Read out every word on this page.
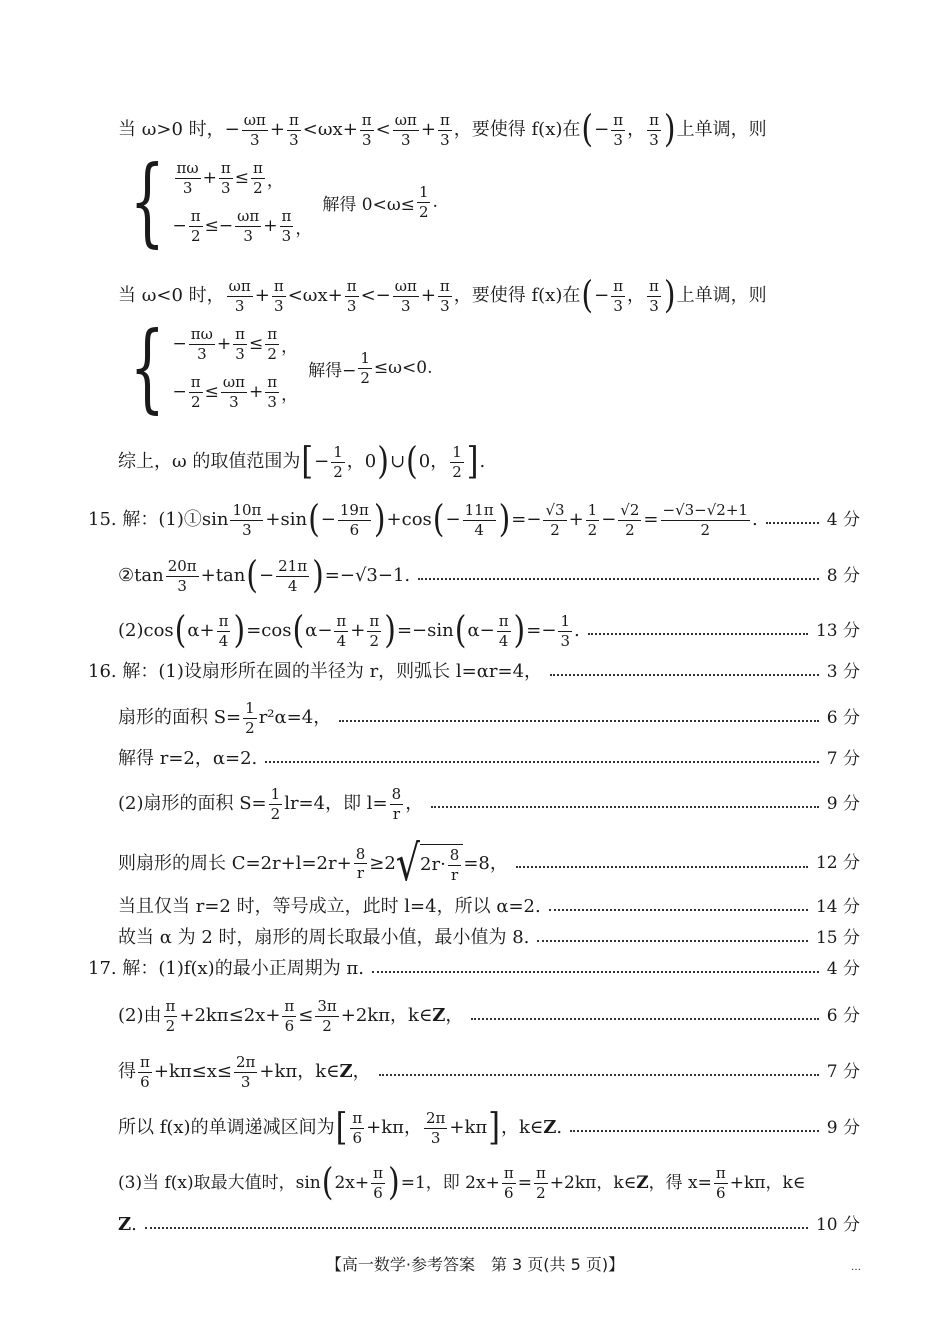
当 ω>0 时，− $\frac{\omega\pi}{3} + \frac{\pi}{3} <\omega x+ \frac{\pi}{3} < \frac{\omega\pi}{3} + \frac{\pi}{3}$ ，要使得 f(x)在 ( − $\frac{\pi}{3}$ ， $\frac{\pi}{3}$ ) 上单调，则
{ $\frac{\pi\omega}{3} + \frac{\pi}{3} \le \frac{\pi}{2}$ ，
− $\frac{\pi}{2} \le- \frac{\omega\pi}{3} + \frac{\pi}{3}$ ，
解得 $0<\omega\le \frac{1}{2}$ .
当 ω<0 时， $\frac{\omega\pi}{3} + \frac{\pi}{3} <\omega x+ \frac{\pi}{3} <- \frac{\omega\pi}{3} + \frac{\pi}{3}$ ，要使得 f(x)在 ( − $\frac{\pi}{3}$ ， $\frac{\pi}{3}$ ) 上单调，则
{ − $\frac{\pi\omega}{3} + \frac{\pi}{3} \le \frac{\pi}{2}$ ，
− $\frac{\pi}{2} \le \frac{\omega\pi}{3} + \frac{\pi}{3}$ ，
解得− $\frac{1}{2} \le\omega<0$.
综上，ω 的取值范围为 [ − $\frac{1}{2}$ ，0 ) ∪ ( 0， $\frac{1}{2}$ ] .
15. 解：(1)①sin $\frac{10\pi}{3} +\sin$ ( − $\frac{19\pi}{6}$ ) +cos ( − $\frac{11\pi}{4}$ ) =− $\frac{√3}{2} + \frac{1}{2} - \frac{√2}{2} = \frac{-√3-√2+1}{2}$ .	4 分
②tan $\frac{20\pi}{3} +\tan$ ( − $\frac{21\pi}{4}$ ) =−√3−1.	8 分
(2)cos ( $\alpha+ \frac{\pi}{4}$ ) =cos ( $\alpha- \frac{\pi}{4} + \frac{\pi}{2}$ ) =−sin ( $\alpha- \frac{\pi}{4}$ ) =− $\frac{1}{3}$ .	13 分
16. 解：(1)设扇形所在圆的半径为 r，则弧长 l=αr=4，	3 分
扇形的面积 $S= \frac{1}{2} r^2\alpha=4$，	6 分
解得 r=2，α=2.	7 分
(2)扇形的面积 $S= \frac{1}{2} lr=4$，即 $l= \frac{8}{r}$ ，	9 分
则扇形的周长 $C=2r+l=2r+ \frac{8}{r} \ge 2$ √ $2r\cdot \frac{8}{r} =8$，	12 分
当且仅当 r=2 时，等号成立，此时 l=4，所以 α=2.	14 分
故当 α 为 2 时，扇形的周长取最小值，最小值为 8.	15 分
17. 解：(1)f(x)的最小正周期为 π.	4 分
(2)由 $\frac{\pi}{2} +2k\pi\le 2x+ \frac{\pi}{6} \le \frac{3\pi}{2} +2k\pi$，k∈ Z ，	6 分
得 $\frac{\pi}{6} +k\pi\le x\le \frac{2\pi}{3} +k\pi$，k∈ Z ，	7 分
所以 f(x)的单调递减区间为 [ $\frac{\pi}{6} +k\pi$， $\frac{2\pi}{3} +k\pi$ ] ，k∈ Z .	9 分
(3)当 f(x)取最大值时，sin ( $2x+ \frac{\pi}{6}$ ) =1，即 $2x+ \frac{\pi}{6} = \frac{\pi}{2} +2k\pi$，k∈ Z ，得 $x= \frac{\pi}{6} +k\pi$，k∈
Z .	10 分
【高一数学·参考答案　第 3 页(共 5 页)】	…
